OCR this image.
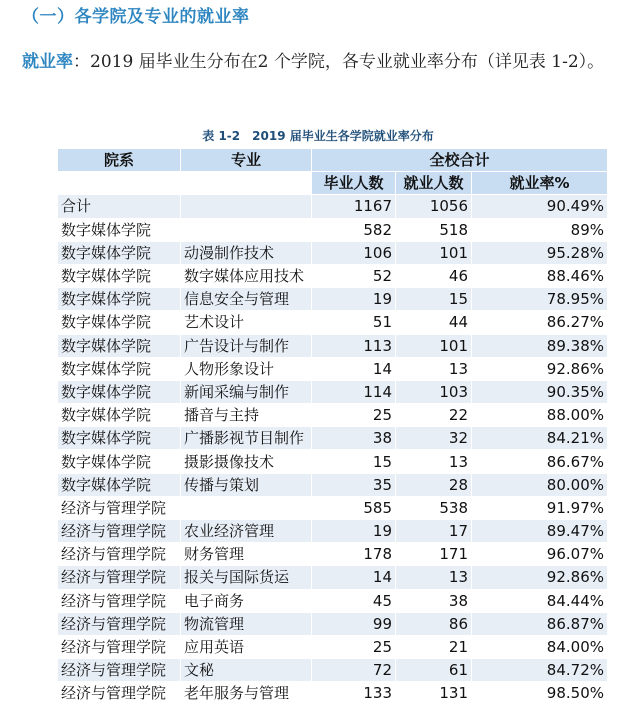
（一）各学院及专业的就业率
就业率：2019 届毕业生分布在2 个学院，各专业就业率分布（详见表 1-2）。
表 1-2　2019 届毕业生各学院就业率分布
院系	专业	全校合计		
		毕业人数	就业人数	就业率%
合计		1167	1056	90.49%
数字媒体学院		582	518	89%
数字媒体学院	动漫制作技术	106	101	95.28%
数字媒体学院	数字媒体应用技术	52	46	88.46%
数字媒体学院	信息安全与管理	19	15	78.95%
数字媒体学院	艺术设计	51	44	86.27%
数字媒体学院	广告设计与制作	113	101	89.38%
数字媒体学院	人物形象设计	14	13	92.86%
数字媒体学院	新闻采编与制作	114	103	90.35%
数字媒体学院	播音与主持	25	22	88.00%
数字媒体学院	广播影视节目制作	38	32	84.21%
数字媒体学院	摄影摄像技术	15	13	86.67%
数字媒体学院	传播与策划	35	28	80.00%
经济与管理学院		585	538	91.97%
经济与管理学院	农业经济管理	19	17	89.47%
经济与管理学院	财务管理	178	171	96.07%
经济与管理学院	报关与国际货运	14	13	92.86%
经济与管理学院	电子商务	45	38	84.44%
经济与管理学院	物流管理	99	86	86.87%
经济与管理学院	应用英语	25	21	84.00%
经济与管理学院	文秘	72	61	84.72%
经济与管理学院	老年服务与管理	133	131	98.50%
